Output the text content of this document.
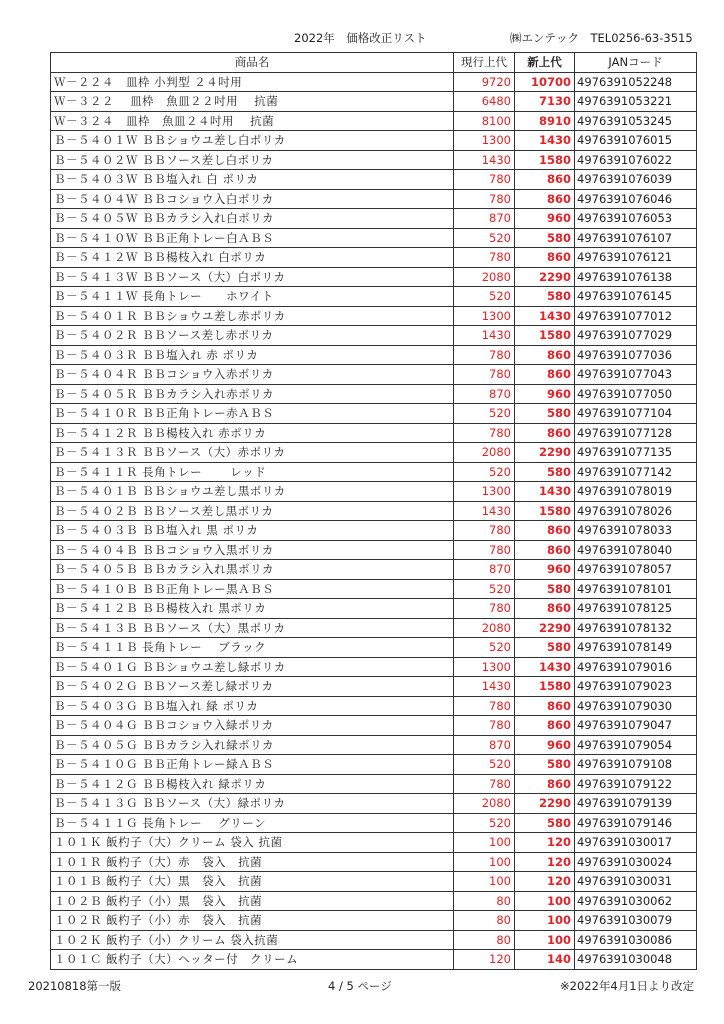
2022年　価格改正リスト	㈱エンテック　TEL0256-63-3515
商品名	現行上代	新上代	JANコード
Ｗ－２２４　皿枠 小判型 ２４吋用	9720	10700	4976391052248
Ｗ－３２２　 皿枠　魚皿２２吋用　 抗菌	6480	7130	4976391053221
Ｗ－３２４　皿枠　魚皿２４吋用　 抗菌	8100	8910	4976391053245
Ｂ－５４０１Ｗ ＢＢショウユ差し白ポリカ	1300	1430	4976391076015
Ｂ－５４０２Ｗ ＢＢソース差し白ポリカ	1430	1580	4976391076022
Ｂ－５４０３Ｗ ＢＢ塩入れ 白 ポリカ	780	860	4976391076039
Ｂ－５４０４Ｗ ＢＢコショウ入白ポリカ	780	860	4976391076046
Ｂ－５４０５Ｗ ＢＢカラシ入れ白ポリカ	870	960	4976391076053
Ｂ－５４１０Ｗ ＢＢ正角トレー白ＡＢＳ	520	580	4976391076107
Ｂ－５４１２Ｗ ＢＢ楊枝入れ 白ポリカ	780	860	4976391076121
Ｂ－５４１３Ｗ ＢＢソース（大）白ポリカ	2080	2290	4976391076138
Ｂ－５４１１Ｗ 長角トレー　　ホワイト	520	580	4976391076145
Ｂ－５４０１Ｒ ＢＢショウユ差し赤ポリカ	1300	1430	4976391077012
Ｂ－５４０２Ｒ ＢＢソース差し赤ポリカ	1430	1580	4976391077029
Ｂ－５４０３Ｒ ＢＢ塩入れ 赤 ポリカ	780	860	4976391077036
Ｂ－５４０４Ｒ ＢＢコショウ入赤ポリカ	780	860	4976391077043
Ｂ－５４０５Ｒ ＢＢカラシ入れ赤ポリカ	870	960	4976391077050
Ｂ－５４１０Ｒ ＢＢ正角トレー赤ＡＢＳ	520	580	4976391077104
Ｂ－５４１２Ｒ ＢＢ楊枝入れ 赤ポリカ	780	860	4976391077128
Ｂ－５４１３Ｒ ＢＢソース（大）赤ポリカ	2080	2290	4976391077135
Ｂ－５４１１Ｒ 長角トレー　　 レッド	520	580	4976391077142
Ｂ－５４０１Ｂ ＢＢショウユ差し黒ポリカ	1300	1430	4976391078019
Ｂ－５４０２Ｂ ＢＢソース差し黒ポリカ	1430	1580	4976391078026
Ｂ－５４０３Ｂ ＢＢ塩入れ 黒 ポリカ	780	860	4976391078033
Ｂ－５４０４Ｂ ＢＢコショウ入黒ポリカ	780	860	4976391078040
Ｂ－５４０５Ｂ ＢＢカラシ入れ黒ポリカ	870	960	4976391078057
Ｂ－５４１０Ｂ ＢＢ正角トレー黒ＡＢＳ	520	580	4976391078101
Ｂ－５４１２Ｂ ＢＢ楊枝入れ 黒ポリカ	780	860	4976391078125
Ｂ－５４１３Ｂ ＢＢソース（大）黒ポリカ	2080	2290	4976391078132
Ｂ－５４１１Ｂ 長角トレー　 ブラック	520	580	4976391078149
Ｂ－５４０１Ｇ ＢＢショウユ差し緑ポリカ	1300	1430	4976391079016
Ｂ－５４０２Ｇ ＢＢソース差し緑ポリカ	1430	1580	4976391079023
Ｂ－５４０３Ｇ ＢＢ塩入れ 緑 ポリカ	780	860	4976391079030
Ｂ－５４０４Ｇ ＢＢコショウ入緑ポリカ	780	860	4976391079047
Ｂ－５４０５Ｇ ＢＢカラシ入れ緑ポリカ	870	960	4976391079054
Ｂ－５４１０Ｇ ＢＢ正角トレー緑ＡＢＳ	520	580	4976391079108
Ｂ－５４１２Ｇ ＢＢ楊枝入れ 緑ポリカ	780	860	4976391079122
Ｂ－５４１３Ｇ ＢＢソース（大）緑ポリカ	2080	2290	4976391079139
Ｂ－５４１１Ｇ 長角トレー　 グリーン	520	580	4976391079146
１０１Ｋ 飯杓子（大）クリーム 袋入 抗菌	100	120	4976391030017
１０１Ｒ 飯杓子（大）赤　袋入　抗菌	100	120	4976391030024
１０１Ｂ 飯杓子（大）黒　袋入　抗菌	100	120	4976391030031
１０２Ｂ 飯杓子（小）黒　袋入　抗菌	80	100	4976391030062
１０２Ｒ 飯杓子（小）赤　袋入　抗菌	80	100	4976391030079
１０２Ｋ 飯杓子（小）クリーム 袋入抗菌	80	100	4976391030086
１０１Ｃ 飯杓子（大）ヘッター付　クリーム	120	140	4976391030048
20210818第一版	4 / 5 ページ	※2022年4月1日より改定
